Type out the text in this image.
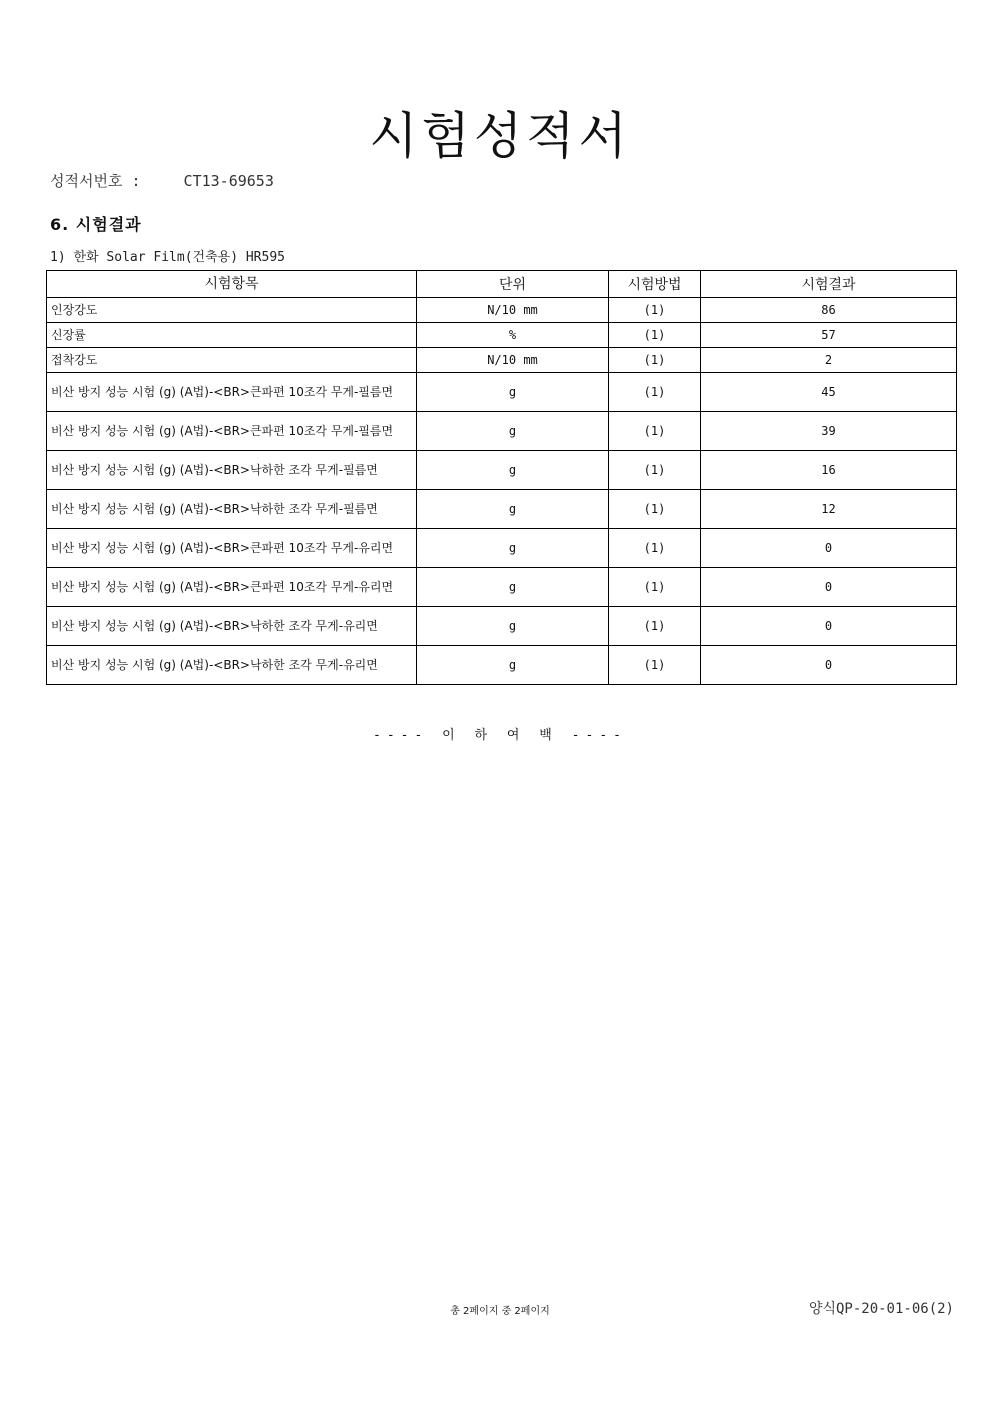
시험성적서
성적서번호 :	CT13-69653
6. 시험결과
1) 한화 Solar Film(건축용) HR595
시험항목	단위	시험방법	시험결과
인장강도	N/10 mm	(1)	86
신장률	%	(1)	57
접착강도	N/10 mm	(1)	2
비산 방지 성능 시험 (g) (A법)-<BR>큰파편 10조각 무게-필름면	g	(1)	45
비산 방지 성능 시험 (g) (A법)-<BR>큰파편 10조각 무게-필름면	g	(1)	39
비산 방지 성능 시험 (g) (A법)-<BR>낙하한 조각 무게-필름면	g	(1)	16
비산 방지 성능 시험 (g) (A법)-<BR>낙하한 조각 무게-필름면	g	(1)	12
비산 방지 성능 시험 (g) (A법)-<BR>큰파편 10조각 무게-유리면	g	(1)	0
비산 방지 성능 시험 (g) (A법)-<BR>큰파편 10조각 무게-유리면	g	(1)	0
비산 방지 성능 시험 (g) (A법)-<BR>낙하한 조각 무게-유리면	g	(1)	0
비산 방지 성능 시험 (g) (A법)-<BR>낙하한 조각 무게-유리면	g	(1)	0
---- 이 하 여 백 ----
총 2페이지 중 2페이지	양식QP-20-01-06(2)
